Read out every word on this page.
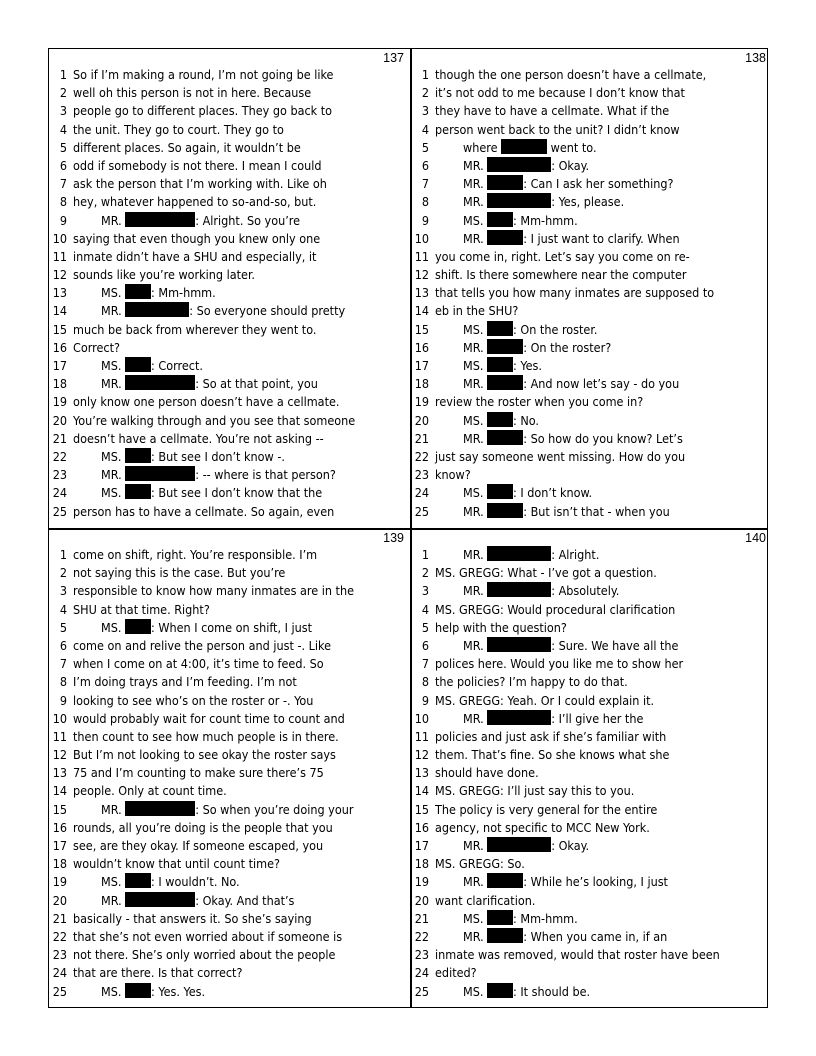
137
1 So if I’m making a round, I’m not going be like
2 well oh this person is not in here. Because
3 people go to different places. They go back to
4 the unit. They go to court. They go to
5 different places. So again, it wouldn’t be
6 odd if somebody is not there. I mean I could
7 ask the person that I’m working with. Like oh
8 hey, whatever happened to so-and-so, but.
9	MR.	: Alright. So you’re
10 saying that even though you knew only one
11 inmate didn’t have a SHU and especially, it
12 sounds like you’re working later.
13	MS. : Mm-hmm.
14	MR.	: So everyone should pretty
15 much be back from wherever they went to.
16 Correct?
17	MS. : Correct.
18	MR.	: So at that point, you
19 only know one person doesn’t have a cellmate.
20 You’re walking through and you see that someone
21 doesn’t have a cellmate. You’re not asking --
22	MS. : But see I don’t know -.
23	MR.	: -- where is that person?
24	MS. : But see I don’t know that the
25 person has to have a cellmate. So again, even
138
1 though the one person doesn’t have a cellmate,
2 it’s not odd to me because I don’t know that
3 they have to have a cellmate. What if the
4 person went back to the unit? I didn’t know
5	where	went to.
6	MR.	: Okay.
7	MR.	: Can I ask her something?
8	MR.	: Yes, please.
9	MS. : Mm-hmm.
10	MR.	: I just want to clarify. When
11 you come in, right. Let’s say you come on re-
12 shift. Is there somewhere near the computer
13 that tells you how many inmates are supposed to
14 eb in the SHU?
15	MS. : On the roster.
16	MR.	: On the roster?
17	MS. : Yes.
18	MR.	: And now let’s say - do you
19 review the roster when you come in?
20	MS. : No.
21	MR.	: So how do you know? Let’s
22 just say someone went missing. How do you
23 know?
24	MS. : I don’t know.
25	MR.	: But isn’t that - when you
139
1 come on shift, right. You’re responsible. I’m
2 not saying this is the case. But you’re
3 responsible to know how many inmates are in the
4 SHU at that time. Right?
5	MS. : When I come on shift, I just
6 come on and relive the person and just -. Like
7 when I come on at 4:00, it’s time to feed. So
8 I’m doing trays and I’m feeding. I’m not
9 looking to see who’s on the roster or -. You
10 would probably wait for count time to count and
11 then count to see how much people is in there.
12 But I’m not looking to see okay the roster says
13 75 and I’m counting to make sure there’s 75
14 people. Only at count time.
15	MR.	: So when you’re doing your
16 rounds, all you’re doing is the people that you
17 see, are they okay. If someone escaped, you
18 wouldn’t know that until count time?
19	MS. : I wouldn’t. No.
20	MR.	: Okay. And that’s
21 basically - that answers it. So she’s saying
22 that she’s not even worried about if someone is
23 not there. She’s only worried about the people
24 that are there. Is that correct?
25	MS. : Yes. Yes.
140
1	MR.	: Alright.
2 MS. GREGG: What - I’ve got a question.
3	MR.	: Absolutely.
4 MS. GREGG: Would procedural clarification
5 help with the question?
6	MR.	: Sure. We have all the
7 polices here. Would you like me to show her
8 the policies? I’m happy to do that.
9 MS. GREGG: Yeah. Or I could explain it.
10	MR.	: I’ll give her the
11 policies and just ask if she’s familiar with
12 them. That’s fine. So she knows what she
13 should have done.
14 MS. GREGG: I’ll just say this to you.
15 The policy is very general for the entire
16 agency, not specific to MCC New York.
17	MR.	: Okay.
18 MS. GREGG: So.
19	MR.	: While he’s looking, I just
20 want clarification.
21	MS. : Mm-hmm.
22	MR.	: When you came in, if an
23 inmate was removed, would that roster have been
24 edited?
25	MS. : It should be.
